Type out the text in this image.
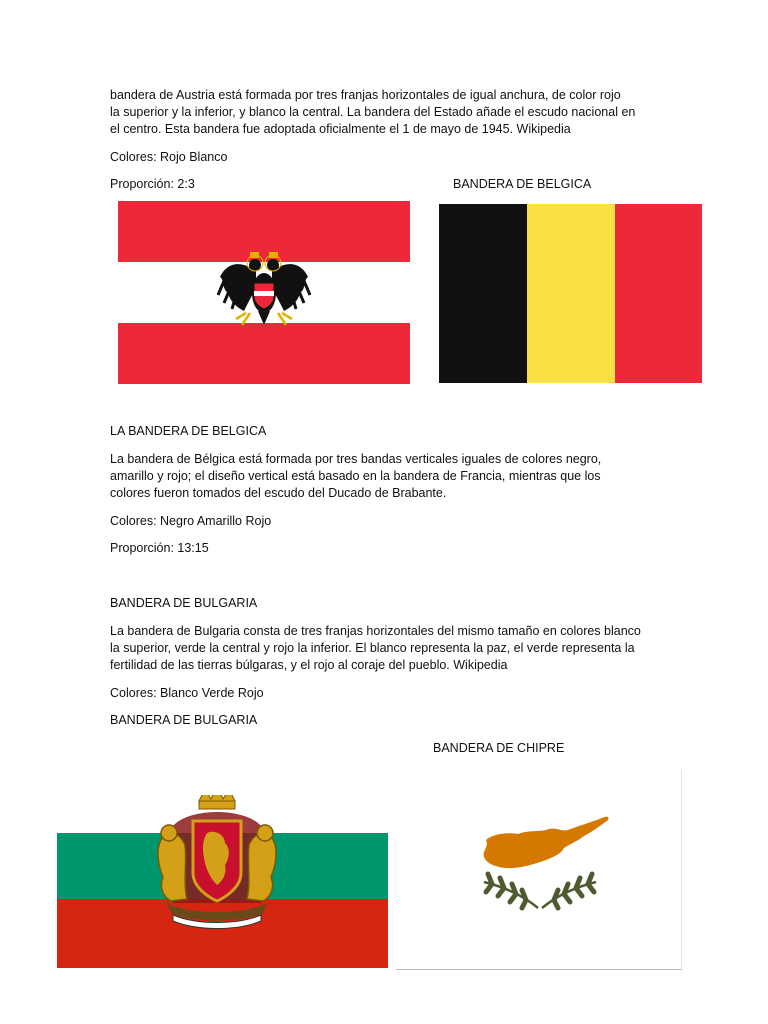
bandera de Austria está formada por tres franjas horizontales de igual anchura, de color rojo

la superior y la inferior, y blanco la central. La bandera del Estado añade el escudo nacional en

el centro. Esta bandera fue adoptada oficialmente el 1 de mayo de 1945. Wikipedia

Colores: Rojo Blanco

Proporción: 2:3	BANDERA DE BELGICA

LA BANDERA DE BELGICA

La bandera de Bélgica está formada por tres bandas verticales iguales de colores negro,

amarillo y rojo; el diseño vertical está basado en la bandera de Francia, mientras que los

colores fueron tomados del escudo del Ducado de Brabante.

Colores: Negro Amarillo Rojo

Proporción: 13:15

BANDERA DE BULGARIA

La bandera de Bulgaria consta de tres franjas horizontales del mismo tamaño en colores blanco

la superior, verde la central y rojo la inferior. El blanco representa la paz, el verde representa la

fertilidad de las tierras búlgaras, y el rojo al coraje del pueblo. Wikipedia

Colores: Blanco Verde Rojo

BANDERA DE BULGARIA

BANDERA DE CHIPRE
